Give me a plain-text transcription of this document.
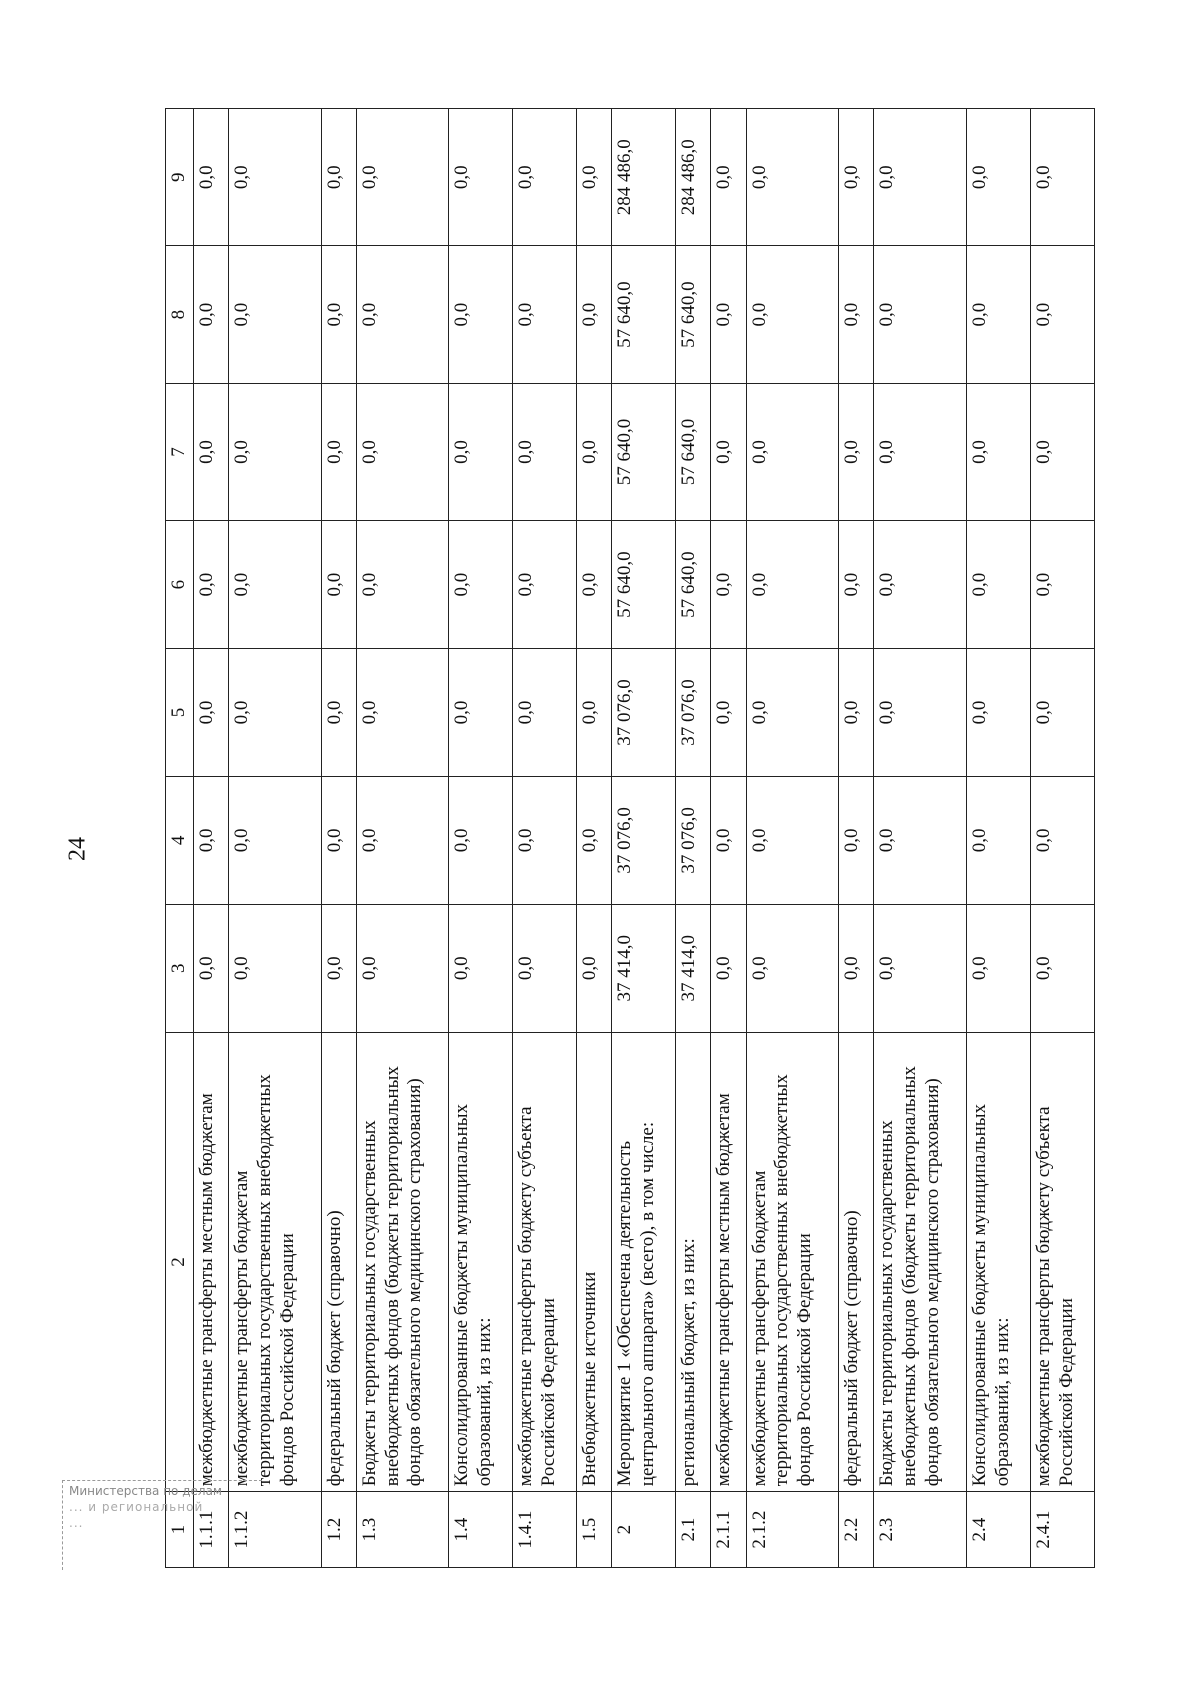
24
1	2	3	4	5	6	7	8	9
1.1.1	межбюджетные трансферты местным бюджетам	0,0	0,0	0,0	0,0	0,0	0,0	0,0
1.1.2	межбюджетные трансферты бюджетам территориальных государственных внебюджетных фондов Российской Федерации	0,0	0,0	0,0	0,0	0,0	0,0	0,0
1.2	федеральный бюджет (справочно)	0,0	0,0	0,0	0,0	0,0	0,0	0,0
1.3	Бюджеты территориальных государственных внебюджетных фондов (бюджеты территориальных фондов обязательного медицинского страхования)	0,0	0,0	0,0	0,0	0,0	0,0	0,0
1.4	Консолидированные бюджеты муниципальных образований, из них:	0,0	0,0	0,0	0,0	0,0	0,0	0,0
1.4.1	межбюджетные трансферты бюджету субъекта Российской Федерации	0,0	0,0	0,0	0,0	0,0	0,0	0,0
1.5	Внебюджетные источники	0,0	0,0	0,0	0,0	0,0	0,0	0,0
2	Мероприятие 1 «Обеспечена деятельность центрального аппарата» (всего), в том числе:	37 414,0	37 076,0	37 076,0	57 640,0	57 640,0	57 640,0	284 486,0
2.1	региональный бюджет, из них:	37 414,0	37 076,0	37 076,0	57 640,0	57 640,0	57 640,0	284 486,0
2.1.1	межбюджетные трансферты местным бюджетам	0,0	0,0	0,0	0,0	0,0	0,0	0,0
2.1.2	межбюджетные трансферты бюджетам территориальных государственных внебюджетных фондов Российской Федерации	0,0	0,0	0,0	0,0	0,0	0,0	0,0
2.2	федеральный бюджет (справочно)	0,0	0,0	0,0	0,0	0,0	0,0	0,0
2.3	Бюджеты территориальных государственных внебюджетных фондов (бюджеты территориальных фондов обязательного медицинского страхования)	0,0	0,0	0,0	0,0	0,0	0,0	0,0
2.4	Консолидированные бюджеты муниципальных образований, из них:	0,0	0,0	0,0	0,0	0,0	0,0	0,0
2.4.1	межбюджетные трансферты бюджету субъекта Российской Федерации	0,0	0,0	0,0	0,0	0,0	0,0	0,0
Министерства по делам
... и региональной
...
